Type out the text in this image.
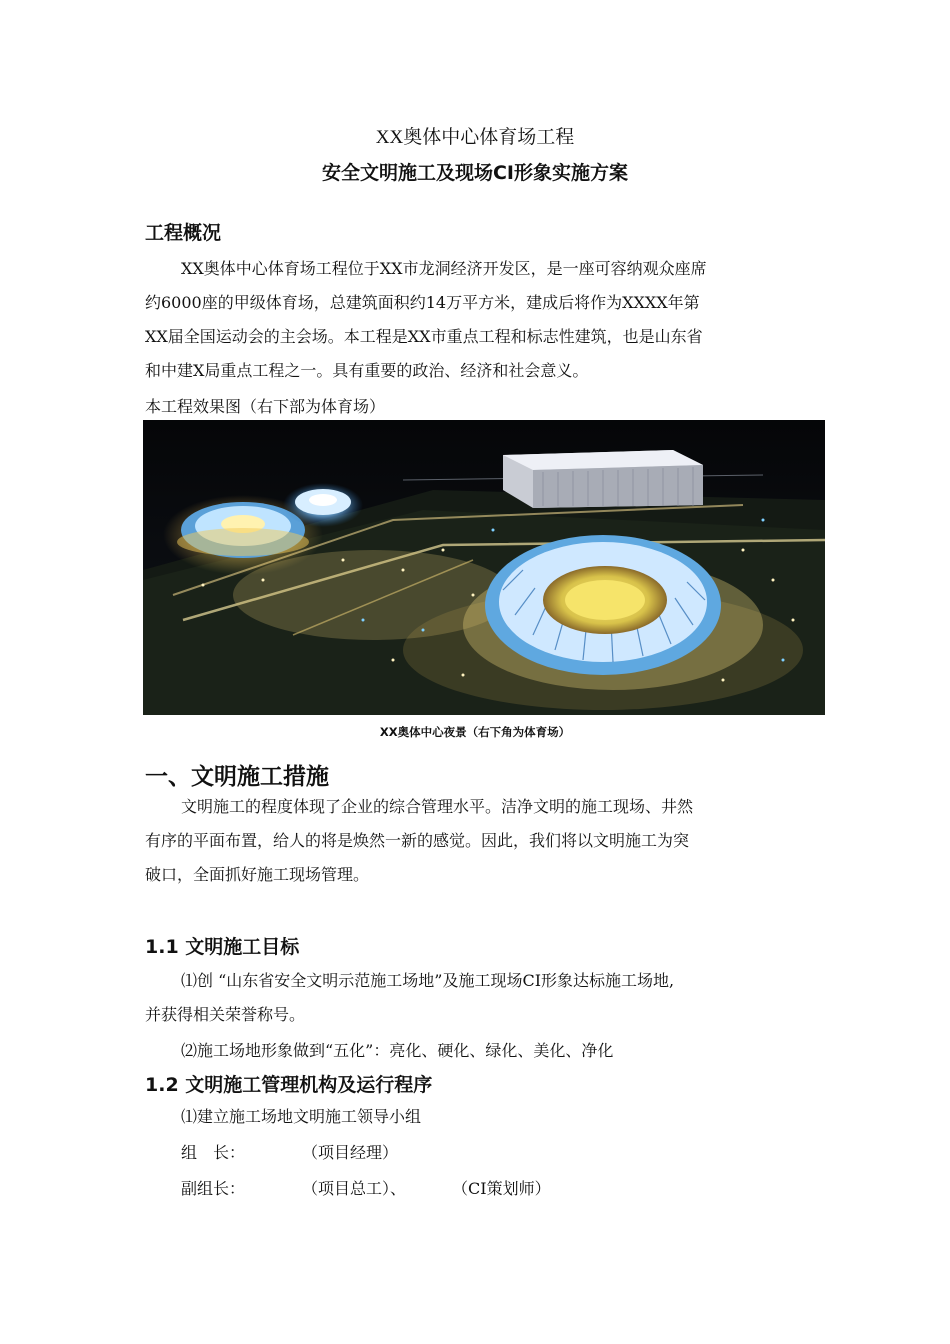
XX奥体中心体育场工程
安全文明施工及现场CI形象实施方案
工程概况
XX奥体中心体育场工程位于XX市龙洞经济开发区，是一座可容纳观众座席
约6000座的甲级体育场，总建筑面积约14万平方米，建成后将作为XXXX年第
XX届全国运动会的主会场。本工程是XX市重点工程和标志性建筑，也是山东省
和中建X局重点工程之一。具有重要的政治、经济和社会意义。
本工程效果图（右下部为体育场）
XX奥体中心夜景（右下角为体育场）
一、文明施工措施
文明施工的程度体现了企业的综合管理水平。洁净文明的施工现场、井然
有序的平面布置，给人的将是焕然一新的感觉。因此，我们将以文明施工为突
破口，全面抓好施工现场管理。
1.1 文明施工目标
⑴创 “山东省安全文明示范施工场地”及施工现场CI形象达标施工场地,
并获得相关荣誉称号。
⑵施工场地形象做到“五化”：亮化、硬化、绿化、美化、净化
1.2 文明施工管理机构及运行程序
⑴建立施工场地文明施工领导小组
组　长：	（项目经理）
副组长：	（项目总工）、	（CI策划师）
